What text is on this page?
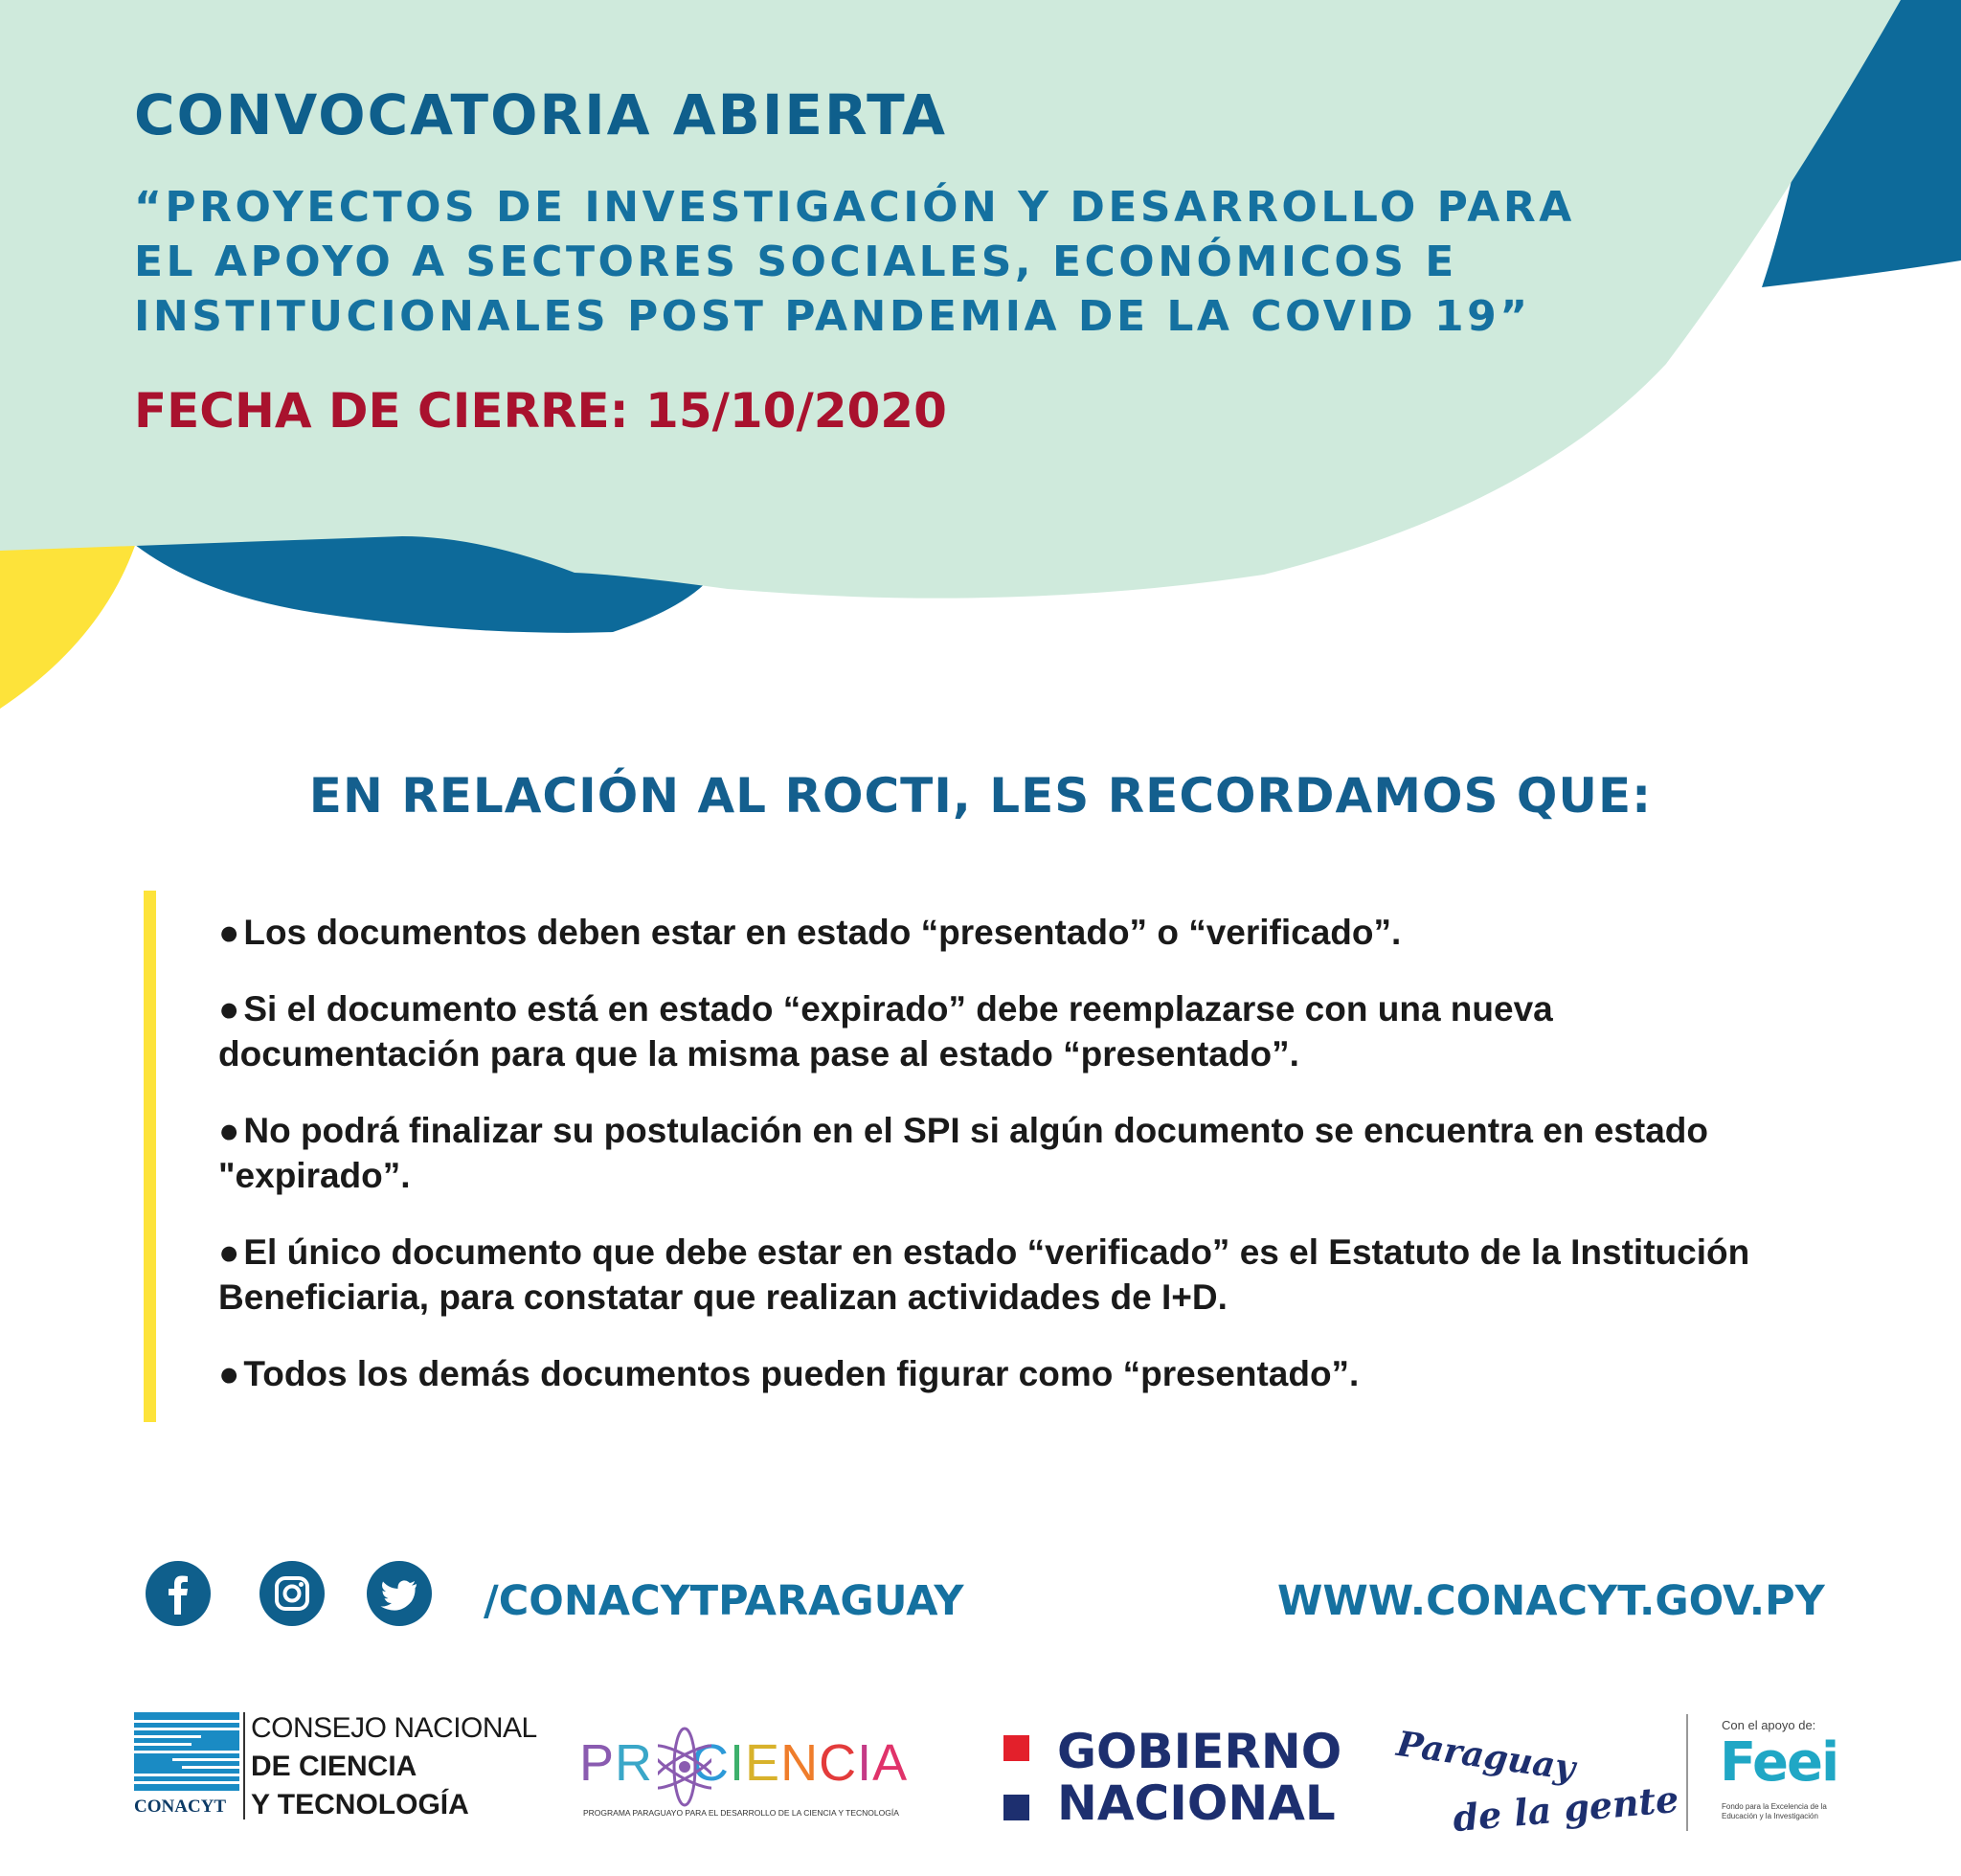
CONVOCATORIA ABIERTA
“PROYECTOS DE INVESTIGACIÓN Y DESARROLLO PARA
EL APOYO A SECTORES SOCIALES, ECONÓMICOS E
INSTITUCIONALES POST PANDEMIA DE LA COVID 19”
FECHA DE CIERRE: 15/10/2020
EN RELACIÓN AL ROCTI, LES RECORDAMOS QUE:

● Los documentos deben estar en estado “presentado” o “verificado”.

● Si el documento está en estado “expirado” debe reemplazarse con una nueva documentación para que la misma pase al estado “presentado”.

● No podrá finalizar su postulación en el SPI si algún documento se encuentra en estado "expirado”.

● El único documento que debe estar en estado “verificado” es el Estatuto de la Institución Beneficiaria, para constatar que realizan actividades de I+D.

● Todos los demás documentos pueden figurar como “presentado”.

/CONACYTPARAGUAY	WWW.CONACYT.GOV.PY

CONACYT
CONSEJO NACIONAL
DE CIENCIA
Y TECNOLOGÍA
PR CIENCIA
PROGRAMA PARAGUAYO PARA EL DESARROLLO DE LA CIENCIA Y TECNOLOGÍA
GOBIERNO
NACIONAL
Paraguay
de la gente
Con el apoyo de:
Feei
Fondo para la Excelencia de la Educación y la Investigación
